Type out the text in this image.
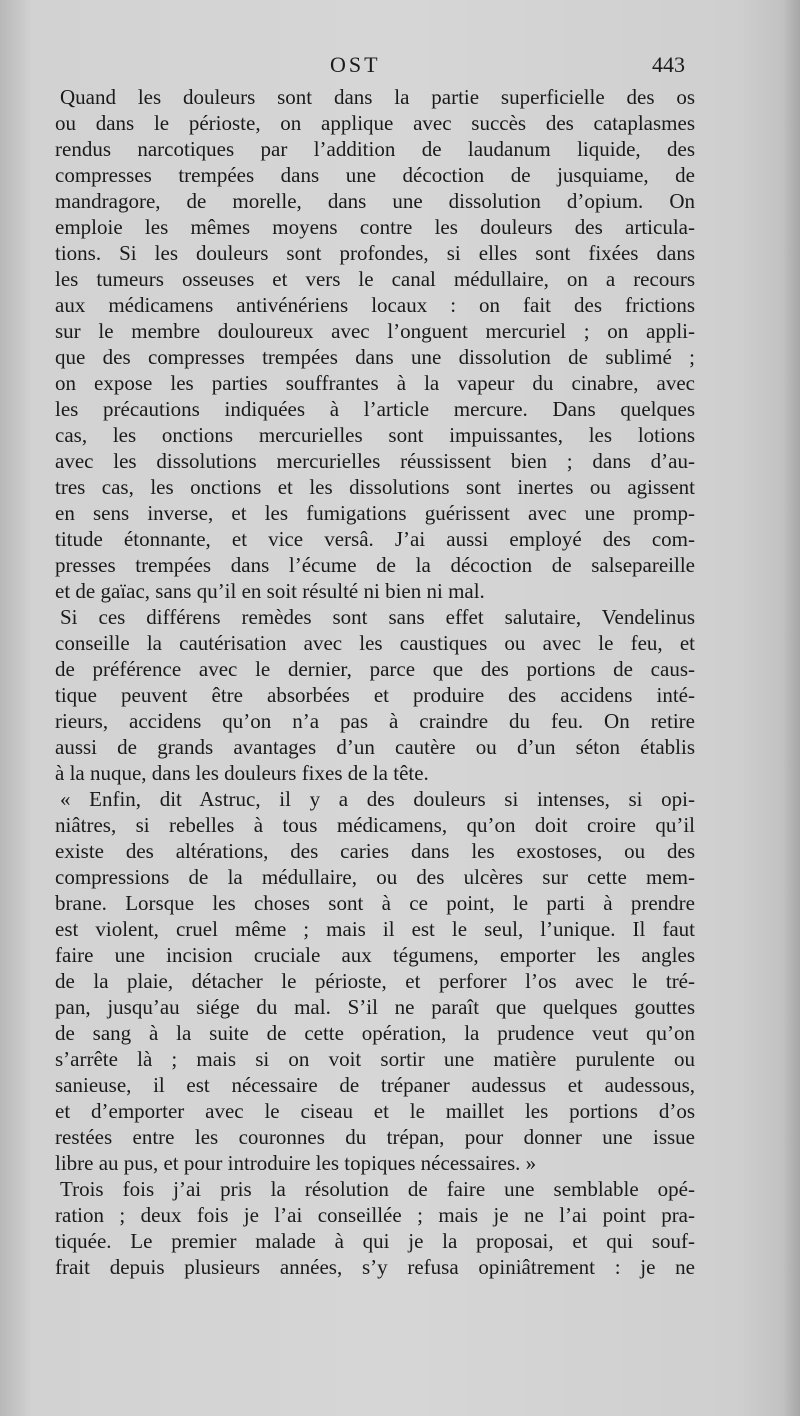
OST	443
Quand les douleurs sont dans la partie superficielle des os
ou dans le périoste, on applique avec succès des cataplasmes
rendus narcotiques par l’addition de laudanum liquide, des
compresses trempées dans une décoction de jusquiame, de
mandragore, de morelle, dans une dissolution d’opium. On
emploie les mêmes moyens contre les douleurs des articula-
tions. Si les douleurs sont profondes, si elles sont fixées dans
les tumeurs osseuses et vers le canal médullaire, on a recours
aux médicamens antivénériens locaux : on fait des frictions
sur le membre douloureux avec l’onguent mercuriel ; on appli-
que des compresses trempées dans une dissolution de sublimé ;
on expose les parties souffrantes à la vapeur du cinabre, avec
les précautions indiquées à l’article mercure. Dans quelques
cas, les onctions mercurielles sont impuissantes, les lotions
avec les dissolutions mercurielles réussissent bien ; dans d’au-
tres cas, les onctions et les dissolutions sont inertes ou agissent
en sens inverse, et les fumigations guérissent avec une promp-
titude étonnante, et vice versâ. J’ai aussi employé des com-
presses trempées dans l’écume de la décoction de salsepareille
et de gaïac, sans qu’il en soit résulté ni bien ni mal.
Si ces différens remèdes sont sans effet salutaire, Vendelinus
conseille la cautérisation avec les caustiques ou avec le feu, et
de préférence avec le dernier, parce que des portions de caus-
tique peuvent être absorbées et produire des accidens inté-
rieurs, accidens qu’on n’a pas à craindre du feu. On retire
aussi de grands avantages d’un cautère ou d’un séton établis
à la nuque, dans les douleurs fixes de la tête.
« Enfin, dit Astruc, il y a des douleurs si intenses, si opi-
niâtres, si rebelles à tous médicamens, qu’on doit croire qu’il
existe des altérations, des caries dans les exostoses, ou des
compressions de la médullaire, ou des ulcères sur cette mem-
brane. Lorsque les choses sont à ce point, le parti à prendre
est violent, cruel même ; mais il est le seul, l’unique. Il faut
faire une incision cruciale aux tégumens, emporter les angles
de la plaie, détacher le périoste, et perforer l’os avec le tré-
pan, jusqu’au siége du mal. S’il ne paraît que quelques gouttes
de sang à la suite de cette opération, la prudence veut qu’on
s’arrête là ; mais si on voit sortir une matière purulente ou
sanieuse, il est nécessaire de trépaner audessus et audessous,
et d’emporter avec le ciseau et le maillet les portions d’os
restées entre les couronnes du trépan, pour donner une issue
libre au pus, et pour introduire les topiques nécessaires. »
Trois fois j’ai pris la résolution de faire une semblable opé-
ration ; deux fois je l’ai conseillée ; mais je ne l’ai point pra-
tiquée. Le premier malade à qui je la proposai, et qui souf-
frait depuis plusieurs années, s’y refusa opiniâtrement : je ne
